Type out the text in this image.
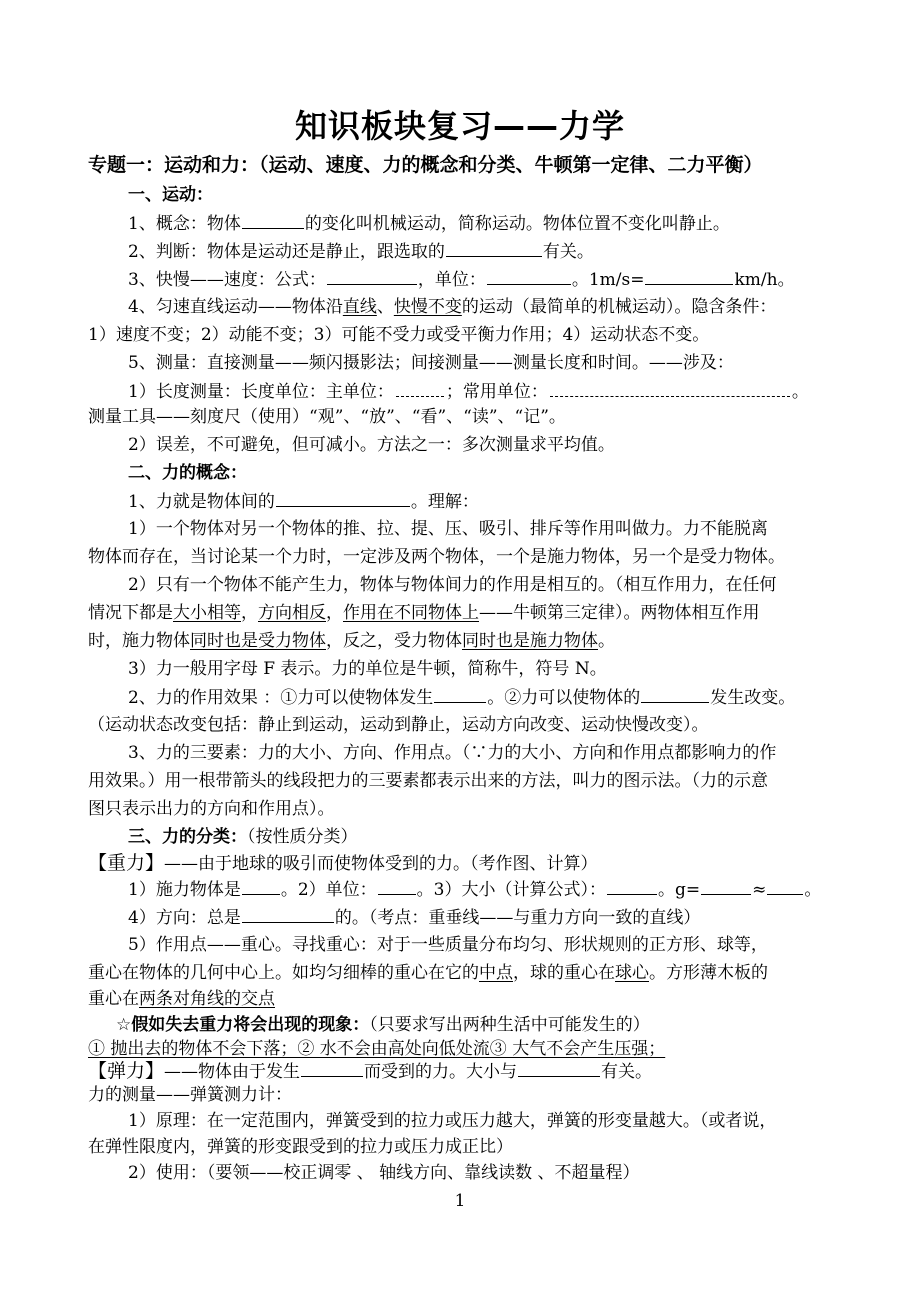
知识板块复习——力学
专题一：运动和力：（运动、速度、力的概念和分类、牛顿第一定律、二力平衡）
一、运动：
1、概念：物体	的变化叫机械运动，简称运动。物体位置不变化叫静止。
2、判断：物体是运动还是静止，跟选取的	有关。
3、快慢——速度：公式：	，单位：	。1m/s=	km/h。
4、匀速直线运动——物体沿直线、快慢不变的运动（最简单的机械运动）。隐含条件：
1）速度不变；2）动能不变；3）可能不受力或受平衡力作用；4）运动状态不变。
5、测量：直接测量——频闪摄影法；间接测量——测量长度和时间。——涉及：
1）长度测量：长度单位：主单位：	；常用单位：	。
测量工具——刻度尺（使用）“观”、“放”、“看”、“读”、“记”。
2）误差，不可避免，但可减小。方法之一：多次测量求平均值。
二、力的概念：
1、力就是物体间的	。理解：
1）一个物体对另一个物体的推、拉、提、压、吸引、排斥等作用叫做力。力不能脱离
物体而存在，当讨论某一个力时，一定涉及两个物体，一个是施力物体，另一个是受力物体。
2）只有一个物体不能产生力，物体与物体间力的作用是相互的。（相互作用力，在任何
情况下都是大小相等，方向相反，作用在不同物体上——牛顿第三定律）。两物体相互作用
时，施力物体同时也是受力物体，反之，受力物体同时也是施力物体。
3）力一般用字母 F 表示。力的单位是牛顿，简称牛，符号 N。
2、力的作用效果 ：①力可以使物体发生	。②力可以使物体的	发生改变。
（运动状态改变包括：静止到运动，运动到静止，运动方向改变、运动快慢改变）。
3、力的三要素：力的大小、方向、作用点。（∵力的大小、方向和作用点都影响力的作
用效果。）用一根带箭头的线段把力的三要素都表示出来的方法，叫力的图示法。（力的示意
图只表示出力的方向和作用点）。
三、力的分类：（按性质分类）
【重力】——由于地球的吸引而使物体受到的力。（考作图、计算）
1）施力物体是 。2）单位： 。3）大小（计算公式）：	。g=	≈ 。
4）方向：总是	的。（考点：重垂线——与重力方向一致的直线）
5）作用点——重心。寻找重心：对于一些质量分布均匀、形状规则的正方形、球等，
重心在物体的几何中心上。如均匀细棒的重心在它的中点，球的重心在球心。方形薄木板的
重心在两条对角线的交点
☆假如失去重力将会出现的现象：（只要求写出两种生活中可能发生的）
① 抛出去的物体不会下落；② 水不会由高处向低处流③ 大气不会产生压强；
【弹力】——物体由于发生	而受到的力。大小与	有关。
力的测量——弹簧测力计：
1）原理：在一定范围内，弹簧受到的拉力或压力越大，弹簧的形变量越大。（或者说，
在弹性限度内，弹簧的形变跟受到的拉力或压力成正比）
2）使用：（要领——校正调零 、 轴线方向、靠线读数 、不超量程）
1
